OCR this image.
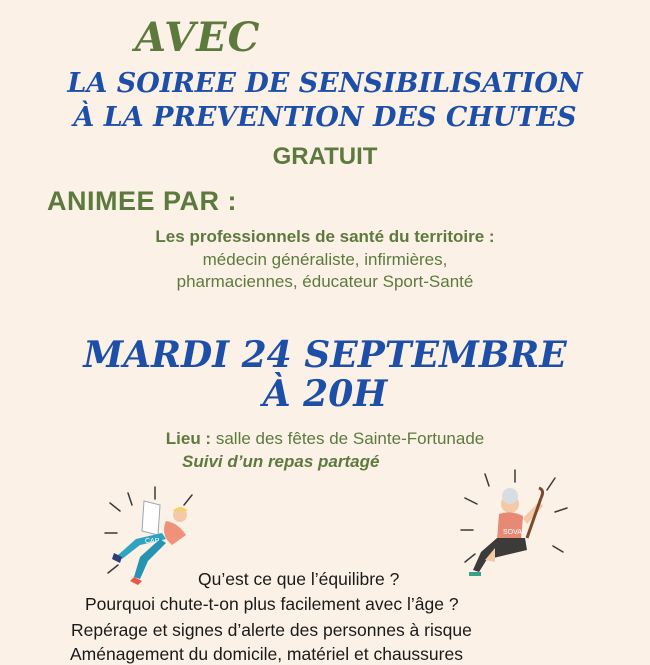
AVEC
LA SOIREE DE SENSIBILISATION
À LA PREVENTION DES CHUTES
GRATUIT
ANIMEE PAR :
Les professionnels de santé du territoire :
médecin généraliste, infirmières,
pharmaciennes, éducateur Sport-Santé
MARDI 24 SEPTEMBRE
À 20H
Lieu : salle des fêtes de Sainte-Fortunade
Suivi d’un repas partagé
CAP
SOVA
Qu’est ce que l’équilibre ?
Pourquoi chute-t-on plus facilement avec l’âge ?
Repérage et signes d’alerte des personnes à risque
Aménagement du domicile, matériel et chaussures
